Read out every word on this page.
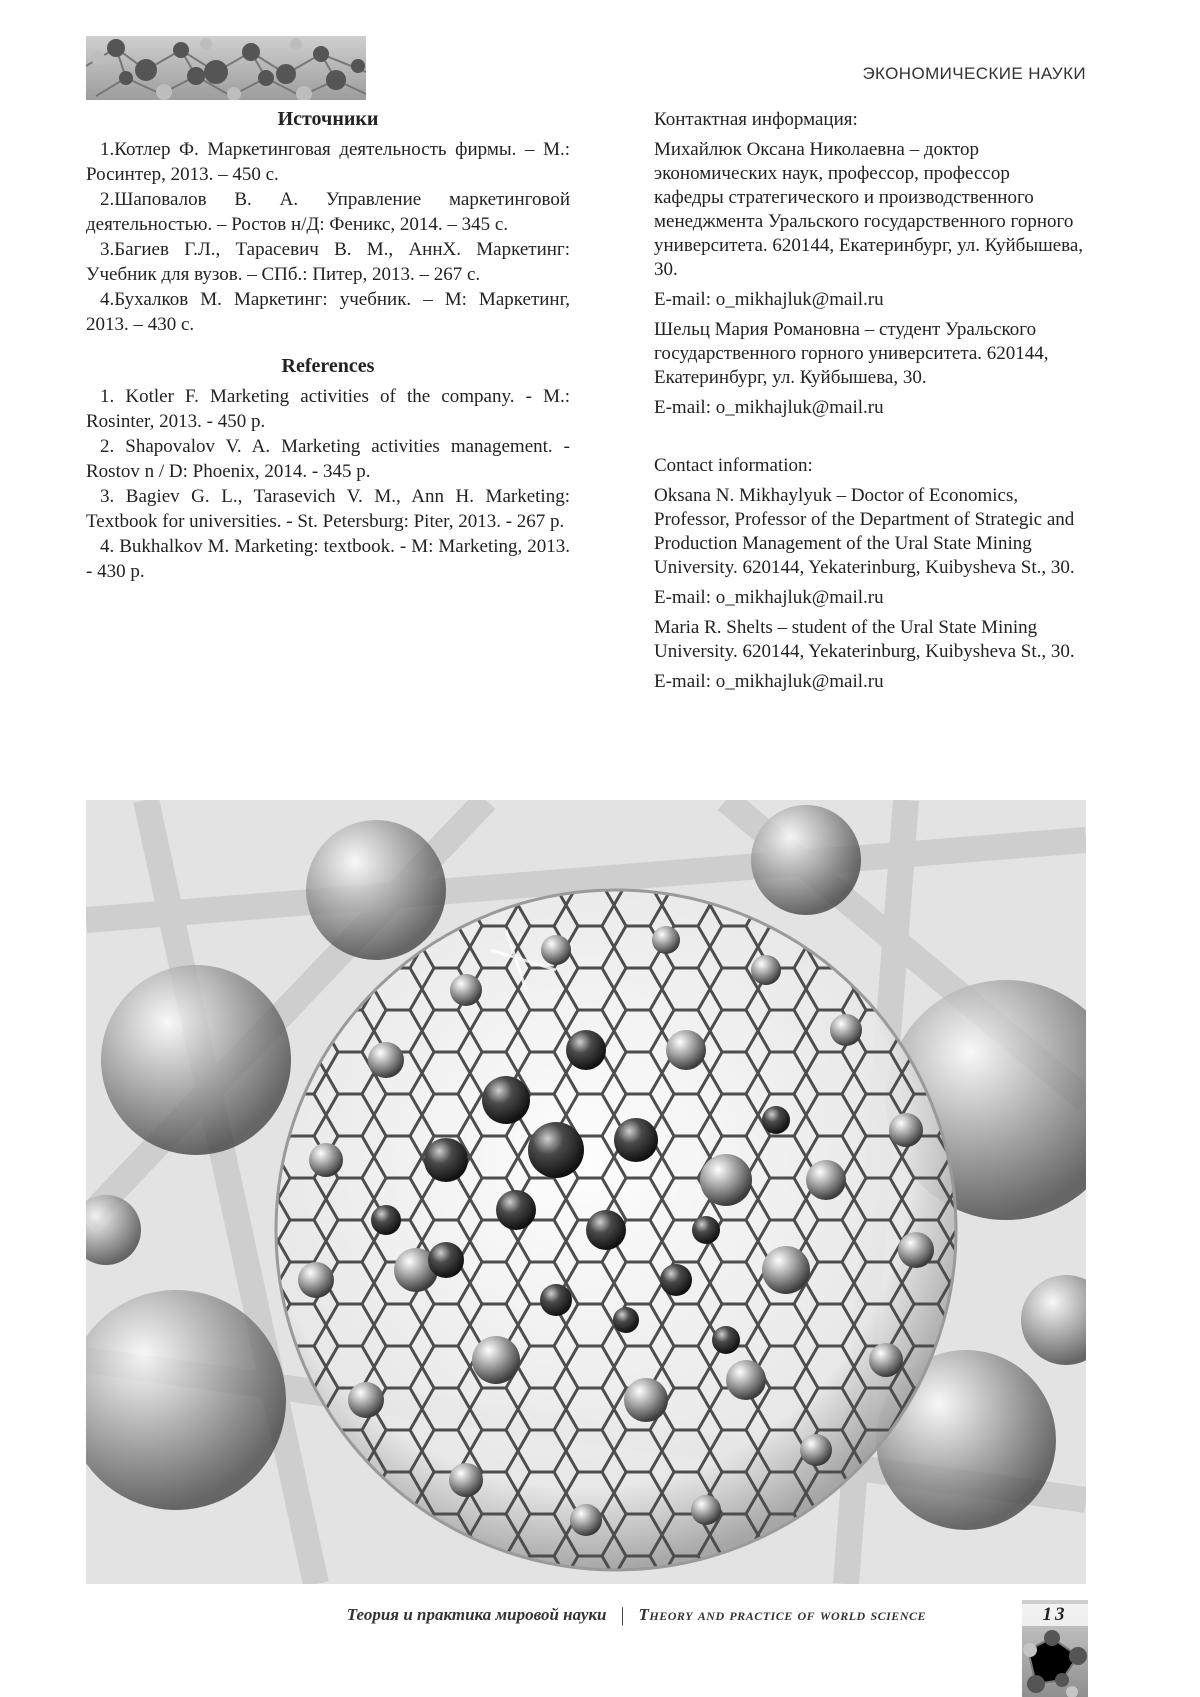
ЭКОНОМИЧЕСКИЕ НАУКИ
Источники
1.Котлер Ф. Маркетинговая деятельность фирмы. – М.: Росинтер, 2013. – 450 с.
2.Шаповалов В. А. Управление маркетинговой деятельностью. – Ростов н/Д: Феникс, 2014. – 345 с.
3.Багиев Г.Л., Тарасевич В. М., АннХ. Маркетинг: Учебник для вузов. – СПб.: Питер, 2013. – 267 с.
4.Бухалков М. Маркетинг: учебник. – М: Маркетинг, 2013. – 430 с.
References
1. Kotler F. Marketing activities of the company. - M.: Rosinter, 2013. - 450 p.
2. Shapovalov V. A. Marketing activities management. - Rostov n / D: Phoenix, 2014. - 345 p.
3. Bagiev G. L., Tarasevich V. M., Ann H. Marketing: Textbook for universities. - St. Petersburg: Piter, 2013. - 267 p.
4. Bukhalkov M. Marketing: textbook. - M: Marketing, 2013. - 430 p.

Контактная информация:

Михайлюк Оксана Николаевна – доктор экономических наук, профессор, профессор кафедры стратегического и производственного менеджмента Уральского государственного горного университета. 620144, Екатеринбург, ул. Куйбышева, 30.

E-mail: o_mikhajluk@mail.ru

Шельц Мария Романовна – студент Уральского государственного горного университета. 620144, Екатеринбург, ул. Куйбышева, 30.

E-mail: o_mikhajluk@mail.ru

Contact information:

Oksana N. Mikhaylyuk – Doctor of Economics, Professor, Professor of the Department of Strategic and Production Management of the Ural State Mining University. 620144, Yekaterinburg, Kuibysheva St., 30.

E-mail: o_mikhajluk@mail.ru

Maria R. Shelts – student of the Ural State Mining University. 620144, Yekaterinburg, Kuibysheva St., 30.

E-mail: o_mikhajluk@mail.ru

Теория и практика мировой науки | Theory and practice of world science	13
